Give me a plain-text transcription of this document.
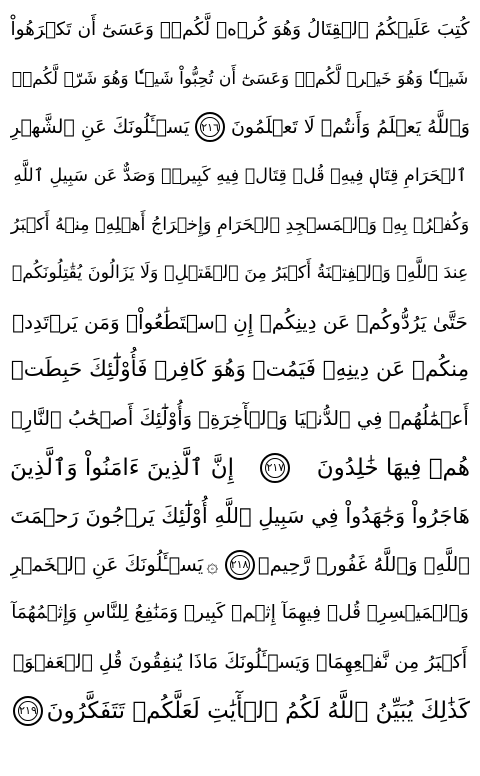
كُتِبَ عَلَيۡكُمُ ٱلۡقِتَالُ وَهُوَ كُرۡهٞ لَّكُمۡۖ وَعَسَىٰٓ أَن تَكۡرَهُواْ
شَيۡـٔٗا وَهُوَ خَيۡرٞ لَّكُمۡۖ وَعَسَىٰٓ أَن تُحِبُّواْ شَيۡـٔٗا وَهُوَ شَرّٞ لَّكُمۡۗ
وَٱللَّهُ يَعۡلَمُ وَأَنتُمۡ لَا تَعۡلَمُونَ
٢١٦
يَسۡـَٔلُونَكَ عَنِ ٱلشَّهۡرِ
ٱلۡحَرَامِ قِتَالٖ فِيهِۖ قُلۡ قِتَالٞ فِيهِ كَبِيرٞۚ وَصَدٌّ عَن سَبِيلِ ٱللَّهِ
وَكُفۡرُۢ بِهِۦ وَٱلۡمَسۡجِدِ ٱلۡحَرَامِ وَإِخۡرَاجُ أَهۡلِهِۦ مِنۡهُ أَكۡبَرُ
عِندَ ٱللَّهِۚ وَٱلۡفِتۡنَةُ أَكۡبَرُ مِنَ ٱلۡقَتۡلِۗ وَلَا يَزَالُونَ يُقَٰتِلُونَكُمۡ
حَتَّىٰ يَرُدُّوكُمۡ عَن دِينِكُمۡ إِنِ ٱسۡتَطَٰعُواْۚ وَمَن يَرۡتَدِدۡ
مِنكُمۡ عَن دِينِهِۦ فَيَمُتۡ وَهُوَ كَافِرٞ فَأُوْلَٰٓئِكَ حَبِطَتۡ
أَعۡمَٰلُهُمۡ فِي ٱلدُّنۡيَا وَٱلۡأٓخِرَةِۖ وَأُوْلَٰٓئِكَ أَصۡحَٰبُ ٱلنَّارِۖ
هُمۡ فِيهَا خَٰلِدُونَ
٢١٧
إِنَّ ٱلَّذِينَ ءَامَنُواْ وَٱلَّذِينَ
هَاجَرُواْ وَجَٰهَدُواْ فِي سَبِيلِ ٱللَّهِ أُوْلَٰٓئِكَ يَرۡجُونَ رَحۡمَتَ
ٱللَّهِۚ وَٱللَّهُ غَفُورٞ رَّحِيمٞ
٢١٨
۞
يَسۡـَٔلُونَكَ عَنِ ٱلۡخَمۡرِ
وَٱلۡمَيۡسِرِۖ قُلۡ فِيهِمَآ إِثۡمٞ كَبِيرٞ وَمَنَٰفِعُ لِلنَّاسِ وَإِثۡمُهُمَآ
أَكۡبَرُ مِن نَّفۡعِهِمَاۗ وَيَسۡـَٔلُونَكَ مَاذَا يُنفِقُونَ قُلِ ٱلۡعَفۡوَۗ
كَذَٰلِكَ يُبَيِّنُ ٱللَّهُ لَكُمُ ٱلۡأٓيَٰتِ لَعَلَّكُمۡ تَتَفَكَّرُونَ
٢١٩
